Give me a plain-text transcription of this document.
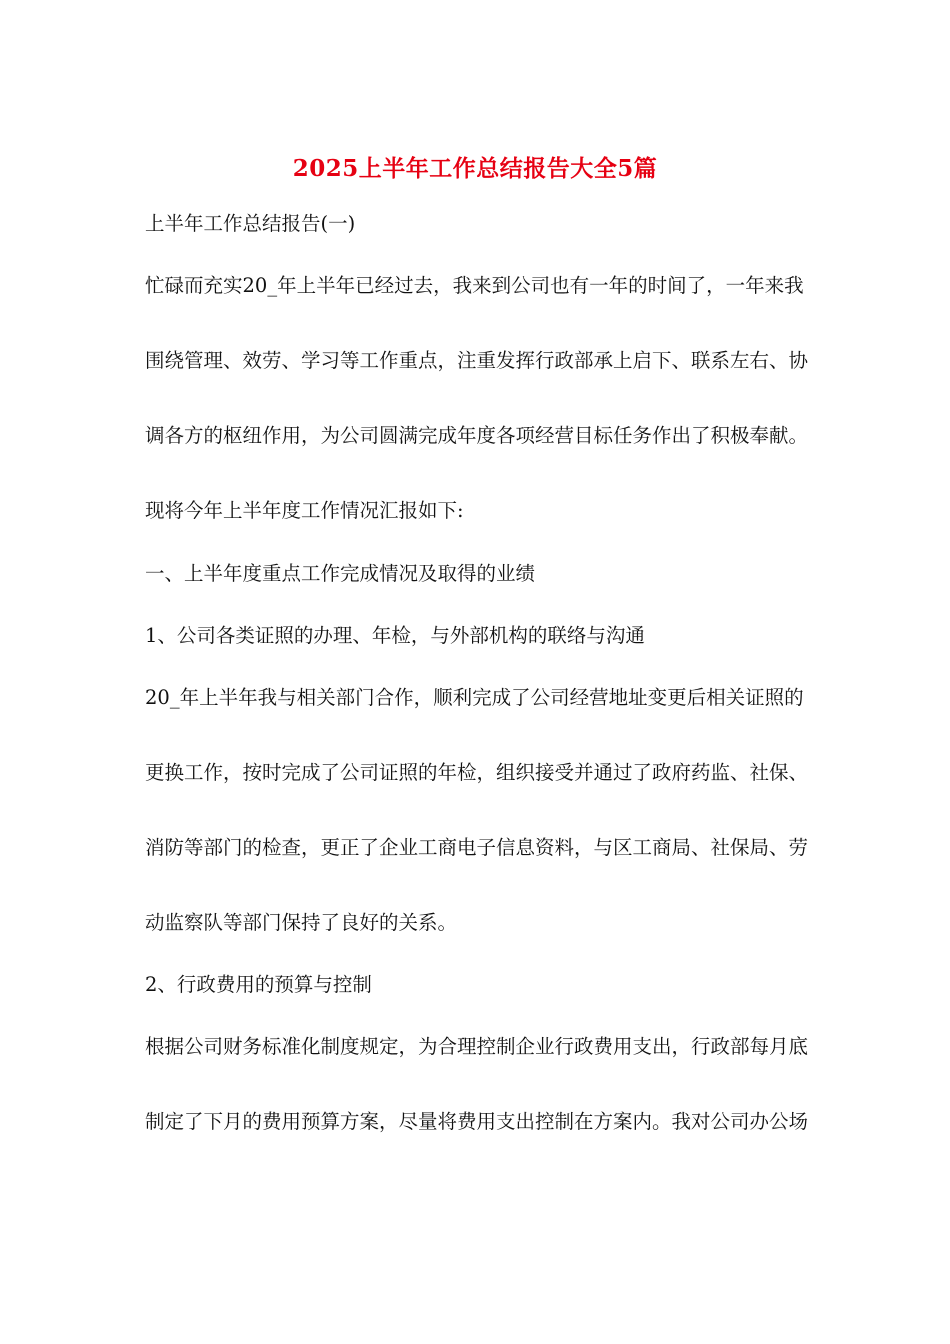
2025上半年工作总结报告大全5篇
上半年工作总结报告(一)
忙碌而充实20_年上半年已经过去，我来到公司也有一年的时间了，一年来我
围绕管理、效劳、学习等工作重点，注重发挥行政部承上启下、联系左右、协
调各方的枢纽作用，为公司圆满完成年度各项经营目标任务作出了积极奉献。
现将今年上半年度工作情况汇报如下:
一、上半年度重点工作完成情况及取得的业绩
1、公司各类证照的办理、年检，与外部机构的联络与沟通
20_年上半年我与相关部门合作，顺利完成了公司经营地址变更后相关证照的
更换工作，按时完成了公司证照的年检，组织接受并通过了政府药监、社保、
消防等部门的检查，更正了企业工商电子信息资料，与区工商局、社保局、劳
动监察队等部门保持了良好的关系。
2、行政费用的预算与控制
根据公司财务标准化制度规定，为合理控制企业行政费用支出，行政部每月底
制定了下月的费用预算方案，尽量将费用支出控制在方案内。我对公司办公场
